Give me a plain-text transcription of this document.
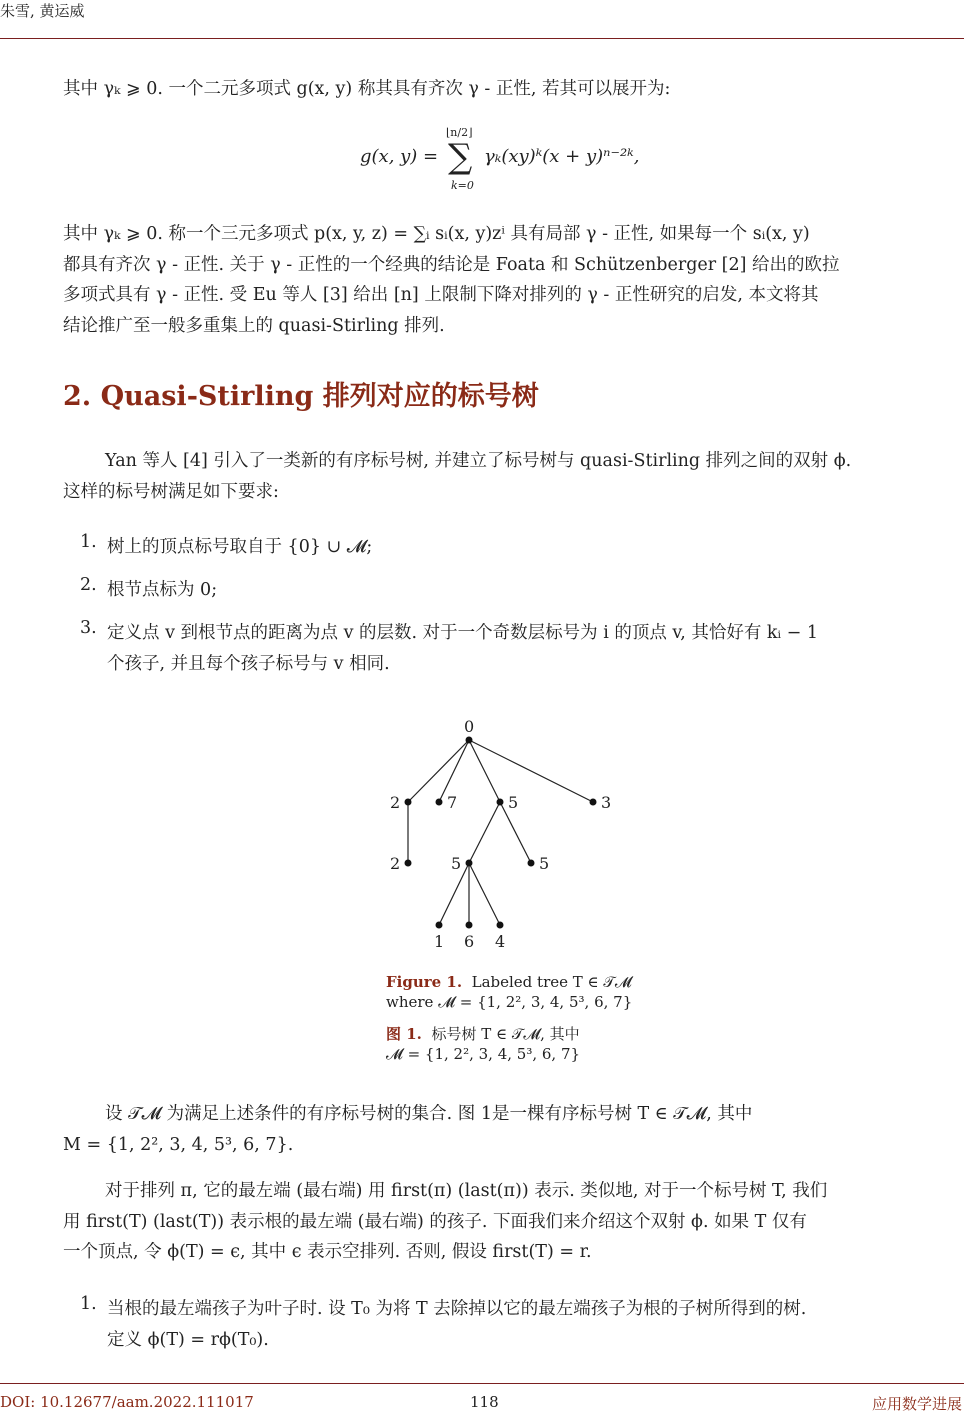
朱雪, 黄运威
其中 γₖ ⩾ 0. 一个二元多项式 g(x, y) 称其具有齐次 γ - 正性, 若其可以展开为:
g(x, y) =
⌊n/2⌋
∑
k=0
γₖ(xy)ᵏ(x + y)ⁿ⁻²ᵏ,
其中 γₖ ⩾ 0. 称一个三元多项式 p(x, y, z) = ∑ᵢ sᵢ(x, y)zⁱ 具有局部 γ - 正性, 如果每一个 sᵢ(x, y)
都具有齐次 γ - 正性. 关于 γ - 正性的一个经典的结论是 Foata 和 Schützenberger [2] 给出的欧拉
多项式具有 γ - 正性. 受 Eu 等人 [3] 给出 [n] 上限制下降对排列的 γ - 正性研究的启发, 本文将其
结论推广至一般多重集上的 quasi-Stirling 排列.
2. Quasi-Stirling 排列对应的标号树
Yan 等人 [4] 引入了一类新的有序标号树, 并建立了标号树与 quasi-Stirling 排列之间的双射 ϕ.
这样的标号树满足如下要求:
1. 树上的顶点标号取自于 {0} ∪ 𝓜;
2. 根节点标为 0;
3. 定义点 v 到根节点的距离为点 v 的层数. 对于一个奇数层标号为 i 的顶点 v, 其恰好有 kᵢ − 1
个孩子, 并且每个孩子标号与 v 相同.
0
2	7	5	3
2	5	5
1 6 4
Figure 1. Labeled tree T ∈ 𝒯𝓜
where 𝓜 = {1, 2², 3, 4, 5³, 6, 7}
图 1. 标号树 T ∈ 𝒯𝓜, 其中
𝓜 = {1, 2², 3, 4, 5³, 6, 7}
设 𝒯𝓜 为满足上述条件的有序标号树的集合. 图 1是一棵有序标号树 T ∈ 𝒯𝓜, 其中
M = {1, 2², 3, 4, 5³, 6, 7}.
对于排列 π, 它的最左端 (最右端) 用 first(π) (last(π)) 表示. 类似地, 对于一个标号树 T, 我们
用 first(T) (last(T)) 表示根的最左端 (最右端) 的孩子. 下面我们来介绍这个双射 ϕ. 如果 T 仅有
一个顶点, 令 ϕ(T) = ϵ, 其中 ϵ 表示空排列. 否则, 假设 first(T) = r.
1. 当根的最左端孩子为叶子时. 设 T₀ 为将 T 去除掉以它的最左端孩子为根的子树所得到的树.
定义 ϕ(T) = rϕ(T₀).
DOI: 10.12677/aam.2022.111017	118	应用数学进展
